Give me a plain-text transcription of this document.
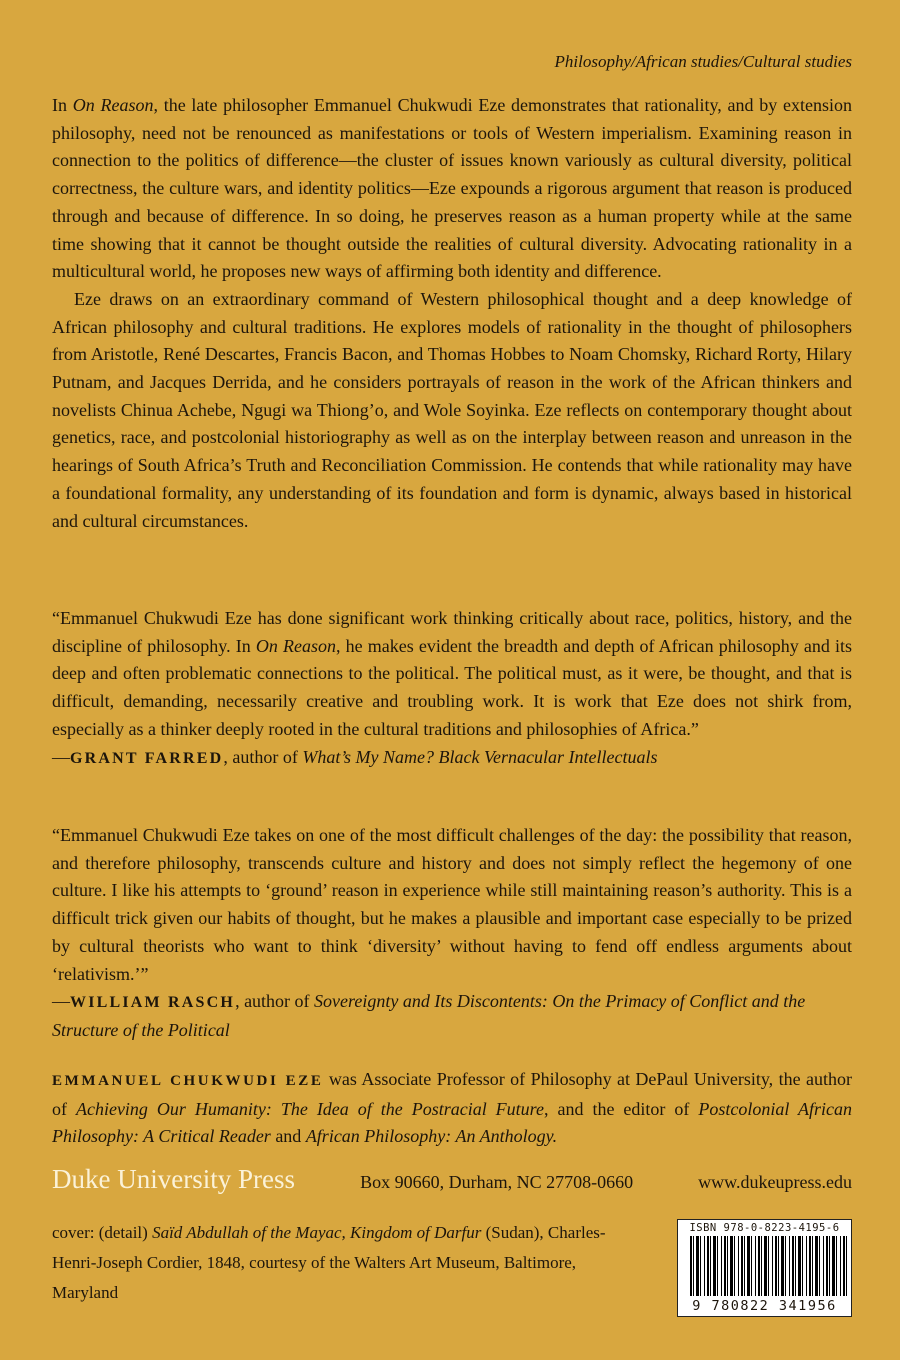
Philosophy/African studies/Cultural studies

In On Reason, the late philosopher Emmanuel Chukwudi Eze demonstrates that rationality, and by extension philosophy, need not be renounced as manifestations or tools of Western imperialism. Examining reason in connection to the politics of difference—the cluster of issues known variously as cultural diversity, political correctness, the culture wars, and identity politics—Eze expounds a rigorous argument that reason is produced through and because of difference. In so doing, he preserves reason as a human property while at the same time showing that it cannot be thought outside the realities of cultural diversity. Advocating rationality in a multicultural world, he proposes new ways of affirming both identity and difference.

Eze draws on an extraordinary command of Western philosophical thought and a deep knowledge of African philosophy and cultural traditions. He explores models of rationality in the thought of philosophers from Aristotle, René Descartes, Francis Bacon, and Thomas Hobbes to Noam Chomsky, Richard Rorty, Hilary Putnam, and Jacques Derrida, and he considers portrayals of reason in the work of the African thinkers and novelists Chinua Achebe, Ngugi wa Thiong’o, and Wole Soyinka. Eze reflects on contemporary thought about genetics, race, and postcolonial historiography as well as on the interplay between reason and unreason in the hearings of South Africa’s Truth and Reconciliation Commission. He contends that while rationality may have a foundational formality, any understanding of its foundation and form is dynamic, always based in historical and cultural circumstances.

“Emmanuel Chukwudi Eze has done significant work thinking critically about race, politics, history, and the discipline of philosophy. In On Reason, he makes evident the breadth and depth of African philosophy and its deep and often problematic connections to the political. The political must, as it were, be thought, and that is difficult, demanding, necessarily creative and troubling work. It is work that Eze does not shirk from, especially as a thinker deeply rooted in the cultural traditions and philosophies of Africa.”

—GRANT FARRED, author of What’s My Name? Black Vernacular Intellectuals

“Emmanuel Chukwudi Eze takes on one of the most difficult challenges of the day: the possibility that reason, and therefore philosophy, transcends culture and history and does not simply reflect the hegemony of one culture. I like his attempts to ‘ground’ reason in experience while still maintaining reason’s authority. This is a difficult trick given our habits of thought, but he makes a plausible and important case especially to be prized by cultural theorists who want to think ‘diversity’ without having to fend off endless arguments about ‘relativism.’”

—WILLIAM RASCH, author of Sovereignty and Its Discontents: On the Primacy of Conflict and the Structure of the Political

EMMANUEL CHUKWUDI EZE was Associate Professor of Philosophy at DePaul University, the author of Achieving Our Humanity: The Idea of the Postracial Future, and the editor of Postcolonial African Philosophy: A Critical Reader and African Philosophy: An Anthology.

Duke University Press	Box 90660, Durham, NC 27708-0660	www.dukeupress.edu
cover: (detail) Saïd Abdullah of the Mayac, Kingdom of Darfur (Sudan), Charles-Henri-Joseph Cordier, 1848, courtesy of the Walters Art Museum, Baltimore, Maryland
ISBN 978-0-8223-4195-6
9 780822 341956
